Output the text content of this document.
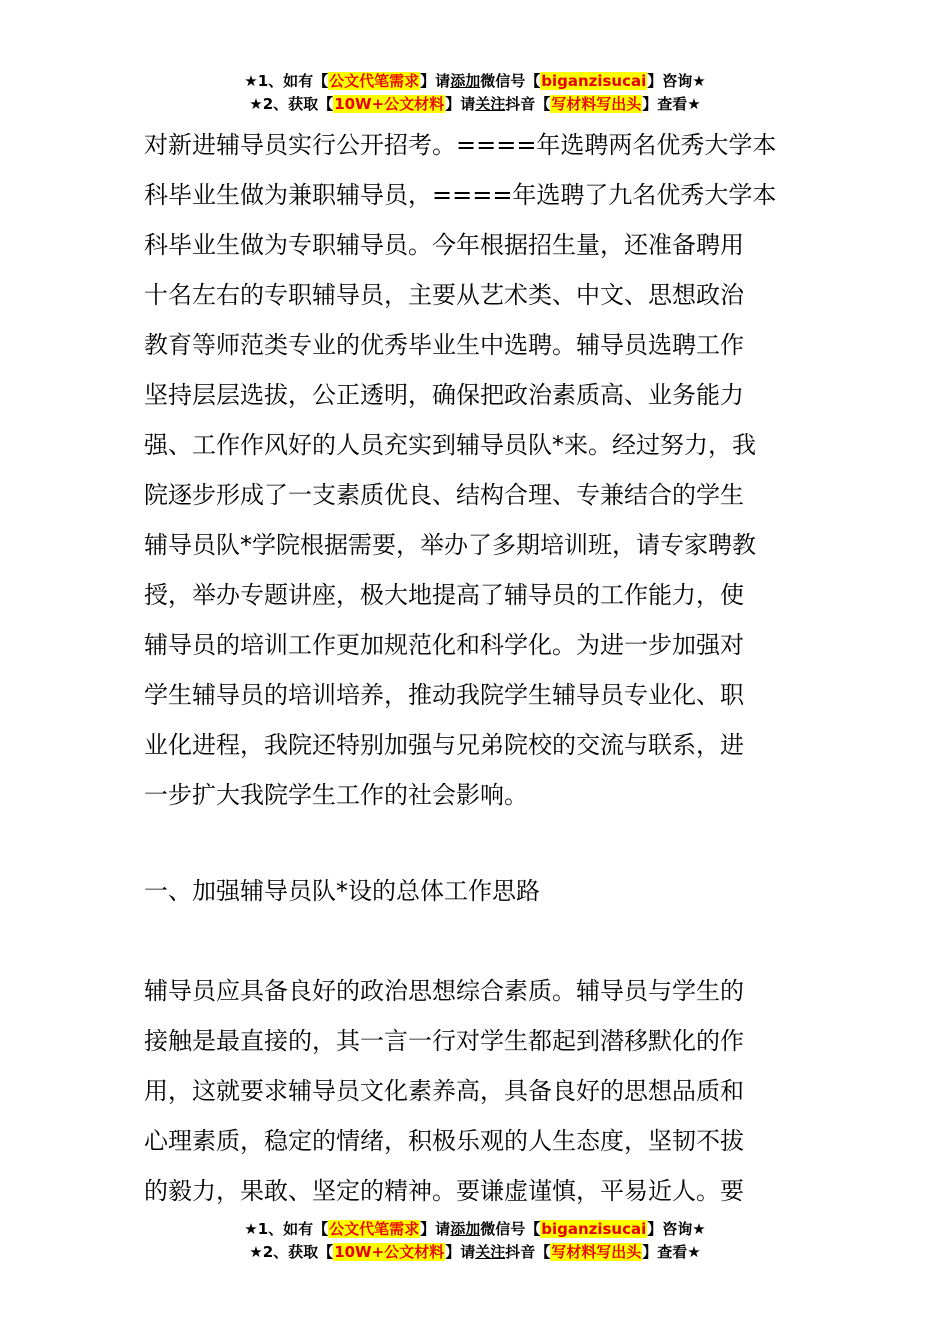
★1、如有【公文代笔需求】请添加微信号【biganzisucai】咨询★
★2、获取【10W+公文材料】请关注抖音【写材料写出头】查看★
对新进辅导员实行公开招考。====年选聘两名优秀大学本
科毕业生做为兼职辅导员，====年选聘了九名优秀大学本
科毕业生做为专职辅导员。今年根据招生量，还准备聘用
十名左右的专职辅导员，主要从艺术类、中文、思想政治
教育等师范类专业的优秀毕业生中选聘。辅导员选聘工作
坚持层层选拔，公正透明，确保把政治素质高、业务能力
强、工作作风好的人员充实到辅导员队*来。经过努力，我
院逐步形成了一支素质优良、结构合理、专兼结合的学生
辅导员队*学院根据需要，举办了多期培训班，请专家聘教
授，举办专题讲座，极大地提高了辅导员的工作能力，使
辅导员的培训工作更加规范化和科学化。为进一步加强对
学生辅导员的培训培养，推动我院学生辅导员专业化、职
业化进程，我院还特别加强与兄弟院校的交流与联系，进
一步扩大我院学生工作的社会影响。
一、加强辅导员队*设的总体工作思路
辅导员应具备良好的政治思想综合素质。辅导员与学生的
接触是最直接的，其一言一行对学生都起到潜移默化的作
用，这就要求辅导员文化素养高，具备良好的思想品质和
心理素质，稳定的情绪，积极乐观的人生态度，坚韧不拔
的毅力，果敢、坚定的精神。要谦虚谨慎，平易近人。要
★1、如有【公文代笔需求】请添加微信号【biganzisucai】咨询★
★2、获取【10W+公文材料】请关注抖音【写材料写出头】查看★
